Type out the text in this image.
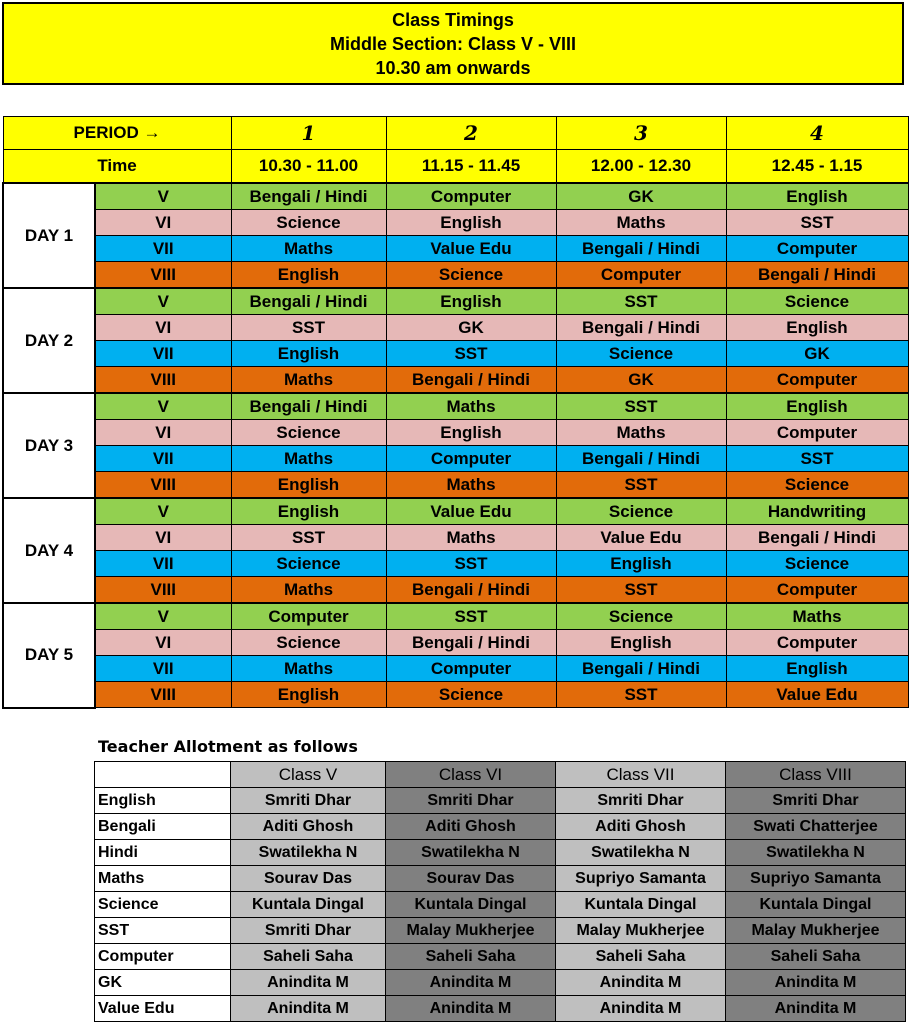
Class Timings
Middle Section: Class V - VIII
10.30 am onwards
PERIOD →		1	2	3	4
Time		10.30 - 11.00	11.15 - 11.45	12.00 - 12.30	12.45 - 1.15
DAY 1	V	Bengali / Hindi	Computer	GK	English
	VI	Science	English	Maths	SST
	VII	Maths	Value Edu	Bengali / Hindi	Computer
	VIII	English	Science	Computer	Bengali / Hindi
DAY 2	V	Bengali / Hindi	English	SST	Science
	VI	SST	GK	Bengali / Hindi	English
	VII	English	SST	Science	GK
	VIII	Maths	Bengali / Hindi	GK	Computer
DAY 3	V	Bengali / Hindi	Maths	SST	English
	VI	Science	English	Maths	Computer
	VII	Maths	Computer	Bengali / Hindi	SST
	VIII	English	Maths	SST	Science
DAY 4	V	English	Value Edu	Science	Handwriting
	VI	SST	Maths	Value Edu	Bengali / Hindi
	VII	Science	SST	English	Science
	VIII	Maths	Bengali / Hindi	SST	Computer
DAY 5	V	Computer	SST	Science	Maths
	VI	Science	Bengali / Hindi	English	Computer
	VII	Maths	Computer	Bengali / Hindi	English
	VIII	English	Science	SST	Value Edu
Teacher Allotment as follows
	Class V	Class VI	Class VII	Class VIII
English	Smriti Dhar	Smriti Dhar	Smriti Dhar	Smriti Dhar
Bengali	Aditi Ghosh	Aditi Ghosh	Aditi Ghosh	Swati Chatterjee
Hindi	Swatilekha N	Swatilekha N	Swatilekha N	Swatilekha N
Maths	Sourav Das	Sourav Das	Supriyo Samanta	Supriyo Samanta
Science	Kuntala Dingal	Kuntala Dingal	Kuntala Dingal	Kuntala Dingal
SST	Smriti Dhar	Malay Mukherjee	Malay Mukherjee	Malay Mukherjee
Computer	Saheli Saha	Saheli Saha	Saheli Saha	Saheli Saha
GK	Anindita M	Anindita M	Anindita M	Anindita M
Value Edu	Anindita M	Anindita M	Anindita M	Anindita M
